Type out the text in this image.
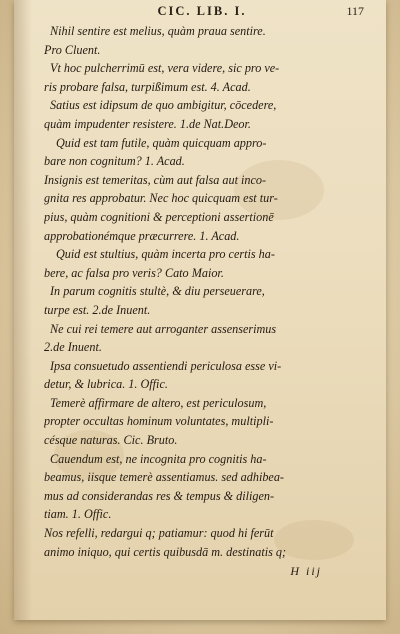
CIC. LIB. I.	117
Nihil sentire est melius, quàm praua sentire.
Pro Cluent.
Vt hoc pulcherrimū est, vera videre, sic pro ve-
ris probare falsa, turpißimum est. 4. Acad.
Satius est idipsum de quo ambigitur, cōcedere,
quàm impudenter resistere. 1.de Nat.Deor.
Quid est tam futile, quàm quicquam appro-
bare non cognitum? 1. Acad.
Insignis est temeritas, cùm aut falsa aut inco-
gnita res approbatur. Nec hoc quicquam est tur-
pius, quàm cognitioni & perceptioni assertionē
approbationémque præcurrere. 1. Acad.
Quid est stultius, quàm incerta pro certis ha-
bere, ac falsa pro veris? Cato Maior.
In parum cognitis stultè, & diu perseuerare,
turpe est. 2.de Inuent.
Ne cui rei temere aut arroganter assenserimus
2.de Inuent.
Ipsa consuetudo assentiendi periculosa esse vi-
detur, & lubrica. 1. Offic.
Temerè affirmare de altero, est periculosum,
propter occultas hominum voluntates, multipli-
césque naturas. Cic. Bruto.
Cauendum est, ne incognita pro cognitis ha-
beamus, iisque temerè assentiamus. sed adhibea-
mus ad considerandas res & tempus & diligen-
tiam. 1. Offic.
Nos refelli, redargui q; patiamur: quod hi ferūt
animo iniquo, qui certis quibusdā m. destinatis q;
H iij
